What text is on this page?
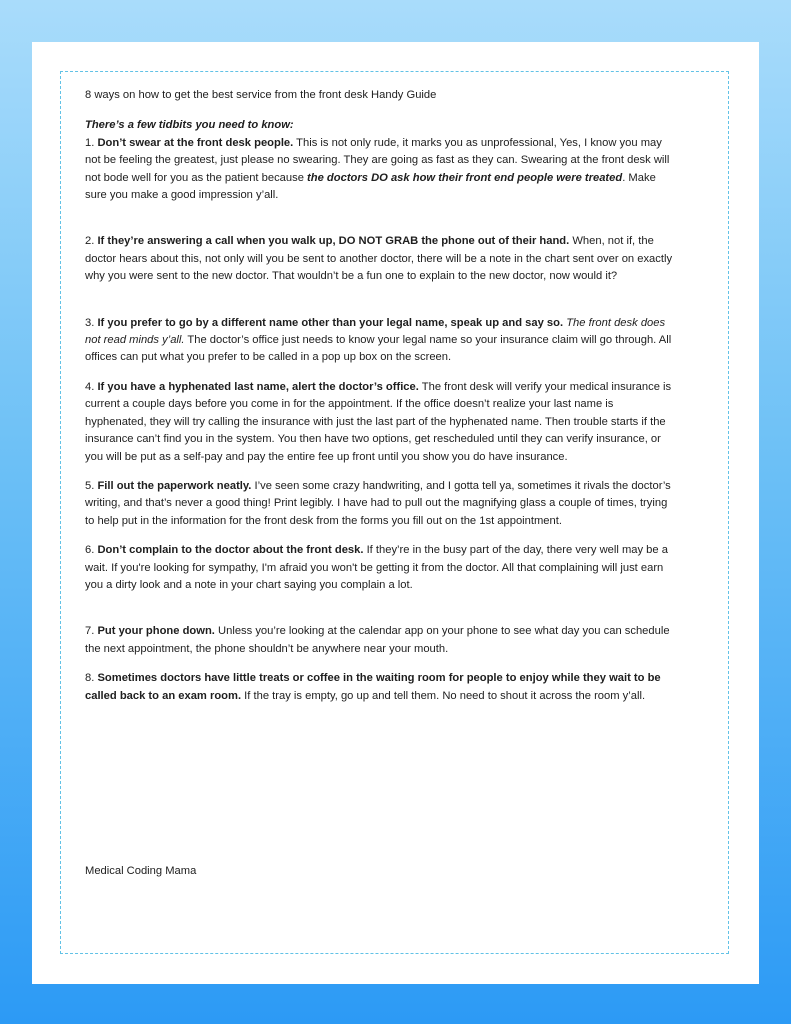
8 ways on how to get the best service from the front desk Handy Guide

There’s a few tidbits you need to know:

1. Don’t swear at the front desk people. This is not only rude, it marks you as unprofessional, Yes, I know you may not be feeling the greatest, just please no swearing. They are going as fast as they can. Swearing at the front desk will not bode well for you as the patient because the doctors DO ask how their front end people were treated. Make sure you make a good impression y’all.

2. If they’re answering a call when you walk up, DO NOT GRAB the phone out of their hand. When, not if, the doctor hears about this, not only will you be sent to another doctor, there will be a note in the chart sent over on exactly why you were sent to the new doctor. That wouldn’t be a fun one to explain to the new doctor, now would it?

3. If you prefer to go by a different name other than your legal name, speak up and say so. The front desk does not read minds y’all. The doctor’s office just needs to know your legal name so your insurance claim will go through. All offices can put what you prefer to be called in a pop up box on the screen.

4. If you have a hyphenated last name, alert the doctor’s office. The front desk will verify your medical insurance is current a couple days before you come in for the appointment. If the office doesn’t realize your last name is hyphenated, they will try calling the insurance with just the last part of the hyphenated name. Then trouble starts if the insurance can’t find you in the system. You then have two options, get rescheduled until they can verify insurance, or you will be put as a self-pay and pay the entire fee up front until you show you do have insurance.

5. Fill out the paperwork neatly. I’ve seen some crazy handwriting, and I gotta tell ya, sometimes it rivals the doctor’s writing, and that’s never a good thing! Print legibly. I have had to pull out the magnifying glass a couple of times, trying to help put in the information for the front desk from the forms you fill out on the 1st appointment.

6. Don’t complain to the doctor about the front desk. If they’re in the busy part of the day, there very well may be a wait. If you're looking for sympathy, I'm afraid you won't be getting it from the doctor. All that complaining will just earn you a dirty look and a note in your chart saying you complain a lot.

7. Put your phone down. Unless you’re looking at the calendar app on your phone to see what day you can schedule the next appointment, the phone shouldn’t be anywhere near your mouth.

8. Sometimes doctors have little treats or coffee in the waiting room for people to enjoy while they wait to be called back to an exam room. If the tray is empty, go up and tell them. No need to shout it across the room y’all.

Medical Coding Mama
